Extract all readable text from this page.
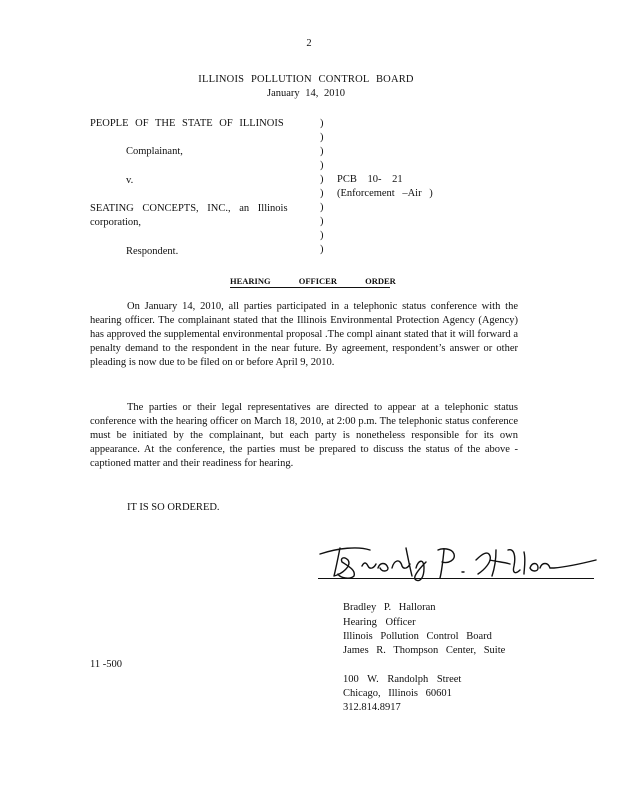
2
ILLINOIS POLLUTION CONTROL BOARD
January 14, 2010
PEOPLE OF THE STATE OF ILLINOIS
Complainant,
v.
SEATING CONCEPTS, INC., an Illinois
corporation,
Respondent.
)
)
)
)
)
)
)
)
)
)
PCB 10- 21
(Enforcement –Air )
HEARING OFFICER ORDER

On January 14, 2010, all parties participated in a telephonic status conference with the hearing officer. The complainant stated that the Illinois Environmental Protection Agency (Agency) has approved the supplemental environmental proposal .The compl ainant stated that it will forward a penalty demand to the respondent in the near future. By agreement, respondent’s answer or other pleading is now due to be filed on or before April 9, 2010.

The parties or their legal representatives are directed to appear at a telephonic status conference with the hearing officer on March 18, 2010, at 2:00 p.m. The telephonic status conference must be initiated by the complainant, but each party is nonetheless responsible for its own appearance. At the conference, the parties must be prepared to discuss the status of the above -captioned matter and their readiness for hearing.

IT IS SO ORDERED.

Bradley P. Halloran
Hearing Officer
Illinois Pollution Control Board
James R. Thompson Center, Suite
11 -500
100 W. Randolph Street
Chicago, Illinois 60601
312.814.8917
